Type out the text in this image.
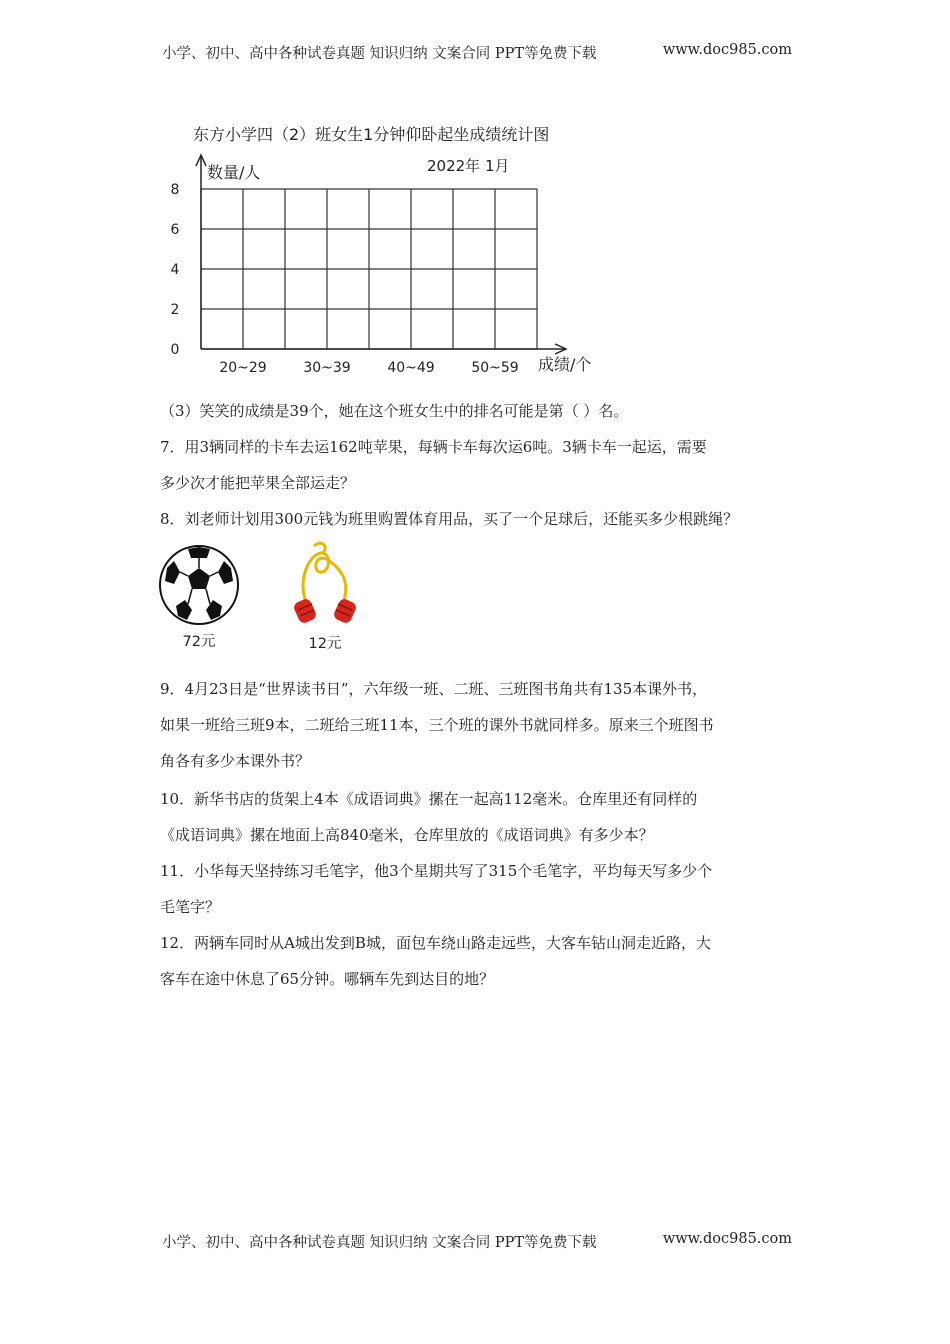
小学、初中、高中各种试卷真题 知识归纳 文案合同 PPT等免费下载	www.doc985.com
东方小学四（2）班女生1分钟仰卧起坐成绩统计图
2022年 1月
数量/人
成绩/个
0
2
4
6
8
20~29	30~39	40~49	50~59
（3）笑笑的成绩是39个，她在这个班女生中的排名可能是第（ ）名。
7．用3辆同样的卡车去运162吨苹果，每辆卡车每次运6吨。3辆卡车一起运，需要
多少次才能把苹果全部运走？
8．刘老师计划用300元钱为班里购置体育用品，买了一个足球后，还能买多少根跳绳？
72元	12元
9．4月23日是“世界读书日”，六年级一班、二班、三班图书角共有135本课外书，
如果一班给三班9本，二班给三班11本，三个班的课外书就同样多。原来三个班图书
角各有多少本课外书？
10．新华书店的货架上4本《成语词典》摞在一起高112毫米。仓库里还有同样的
《成语词典》摞在地面上高840毫米，仓库里放的《成语词典》有多少本？
11．小华每天坚持练习毛笔字，他3个星期共写了315个毛笔字，平均每天写多少个
毛笔字？
12．两辆车同时从A城出发到B城，面包车绕山路走远些，大客车钻山洞走近路，大
客车在途中休息了65分钟。哪辆车先到达目的地？
小学、初中、高中各种试卷真题 知识归纳 文案合同 PPT等免费下载	www.doc985.com
